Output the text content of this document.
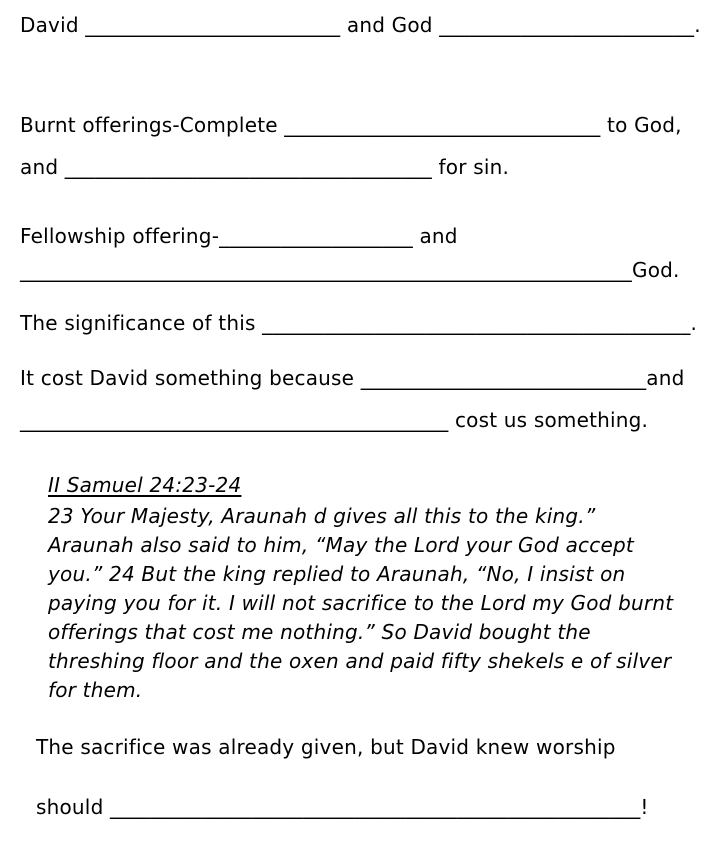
David _________________________ and God _________________________.
Burnt offerings-Complete _______________________________ to God,
and ____________________________________ for sin.
Fellowship offering-___________________ and
____________________________________________________________God.
The significance of this __________________________________________.
It cost David something because ____________________________and
__________________________________________ cost us something.
II Samuel 24:23-24
23 Your Majesty, Araunah d gives all this to the king.”
Araunah also said to him, “May the Lord your God accept
you.” 24 But the king replied to Araunah, “No, I insist on
paying you for it. I will not sacrifice to the Lord my God burnt
offerings that cost me nothing.” So David bought the
threshing floor and the oxen and paid fifty shekels e of silver
for them.
The sacrifice was already given, but David knew worship
should ____________________________________________________!
